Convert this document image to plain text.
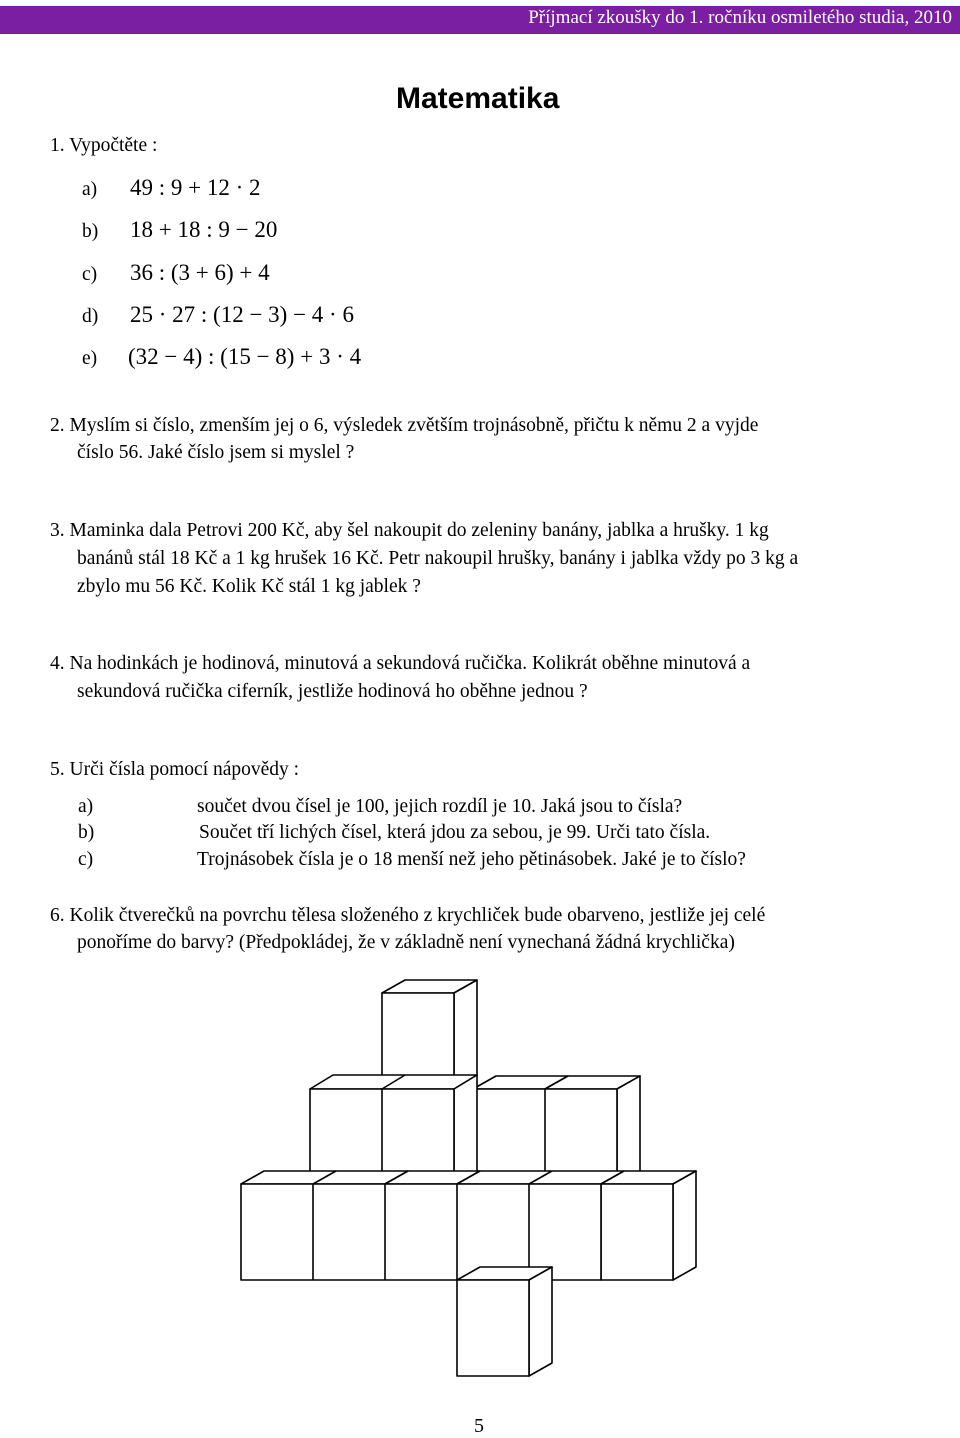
Příjmací zkoušky do 1. ročníku osmiletého studia, 2010
Matematika
1. Vypočtěte :
a) 49 : 9 + 12 · 2
b) 18 + 18 : 9 − 20
c) 36 : (3 + 6) + 4
d) 25 · 27 : (12 − 3) − 4 · 6
e) (32 − 4) : (15 − 8) + 3 · 4
2. Myslím si číslo, zmenším jej o 6, výsledek zvětším trojnásobně, přičtu k němu 2 a vyjde
číslo 56. Jaké číslo jsem si myslel ?
3. Maminka dala Petrovi 200 Kč, aby šel nakoupit do zeleniny banány, jablka a hrušky. 1 kg
banánů stál 18 Kč a 1 kg hrušek 16 Kč. Petr nakoupil hrušky, banány i jablka vždy po 3 kg a
zbylo mu 56 Kč. Kolik Kč stál 1 kg jablek ?
4. Na hodinkách je hodinová, minutová a sekundová ručička. Kolikrát oběhne minutová a
sekundová ručička ciferník, jestliže hodinová ho oběhne jednou ?
5. Urči čísla pomocí nápovědy :
a)	součet dvou čísel je 100, jejich rozdíl je 10. Jaká jsou to čísla?
b)	Součet tří lichých čísel, která jdou za sebou, je 99. Urči tato čísla.
c)	Trojnásobek čísla je o 18 menší než jeho pětinásobek. Jaké je to číslo?
6. Kolik čtverečků na povrchu tělesa složeného z krychliček bude obarveno, jestliže jej celé
ponoříme do barvy? (Předpokládej, že v základně není vynechaná žádná krychlička)
5
